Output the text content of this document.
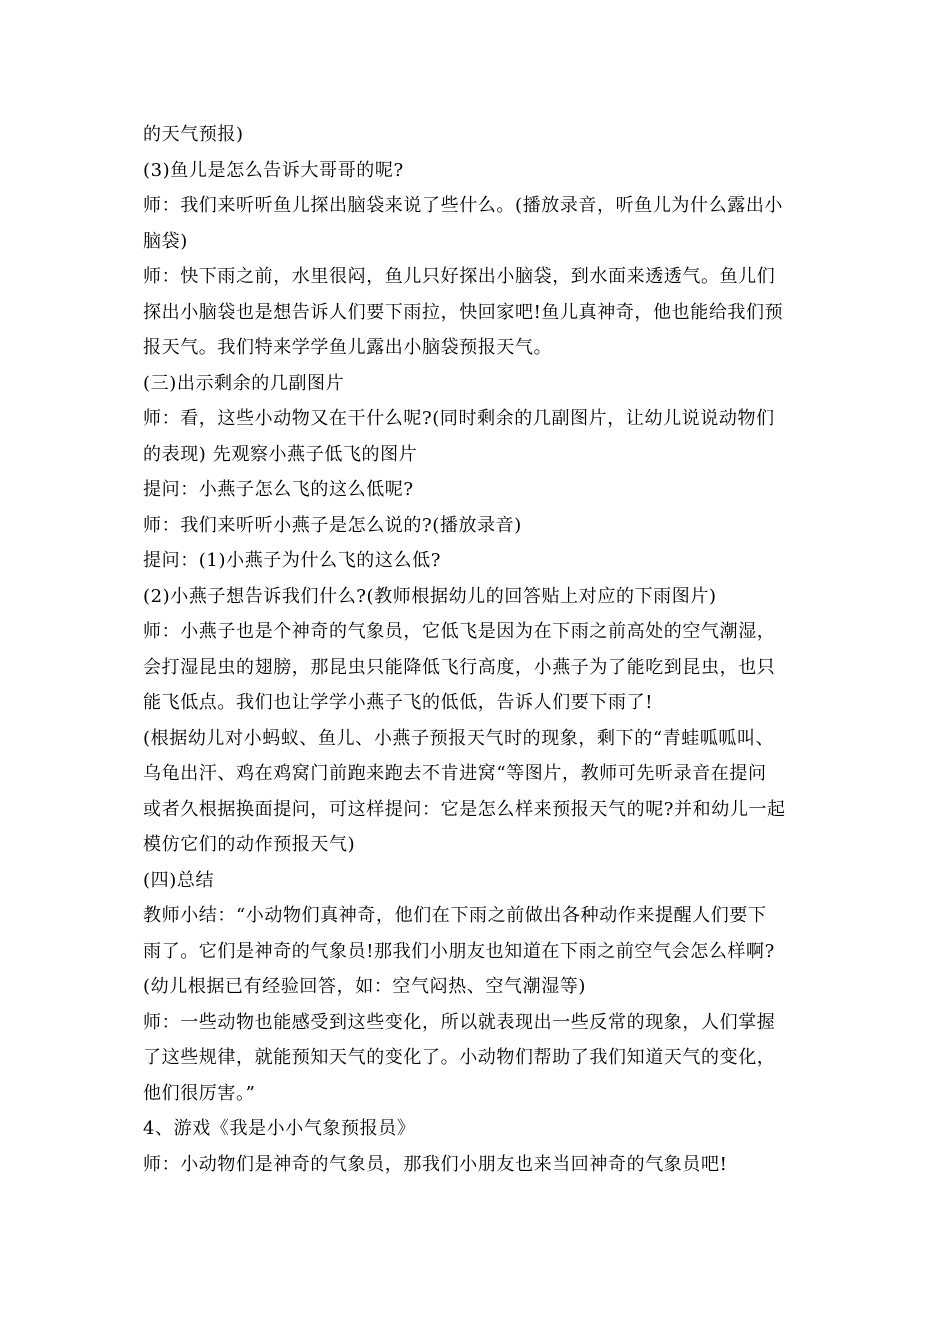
的天气预报)
(3)鱼儿是怎么告诉大哥哥的呢?
师：我们来听听鱼儿探出脑袋来说了些什么。(播放录音，听鱼儿为什么露出小
脑袋)
师：快下雨之前，水里很闷，鱼儿只好探出小脑袋，到水面来透透气。鱼儿们
探出小脑袋也是想告诉人们要下雨拉，快回家吧!鱼儿真神奇，他也能给我们预
报天气。我们特来学学鱼儿露出小脑袋预报天气。
(三)出示剩余的几副图片
师：看，这些小动物又在干什么呢?(同时剩余的几副图片，让幼儿说说动物们
的表现) 先观察小燕子低飞的图片
提问：小燕子怎么飞的这么低呢?
师：我们来听听小燕子是怎么说的?(播放录音)
提问：(1)小燕子为什么飞的这么低?
(2)小燕子想告诉我们什么?(教师根据幼儿的回答贴上对应的下雨图片)
师：小燕子也是个神奇的气象员，它低飞是因为在下雨之前高处的空气潮湿，
会打湿昆虫的翅膀，那昆虫只能降低飞行高度，小燕子为了能吃到昆虫，也只
能飞低点。我们也让学学小燕子飞的低低，告诉人们要下雨了!
(根据幼儿对小蚂蚁、鱼儿、小燕子预报天气时的现象，剩下的“青蛙呱呱叫、
乌龟出汗、鸡在鸡窝门前跑来跑去不肯进窝“等图片，教师可先听录音在提问
或者久根据换面提问，可这样提问：它是怎么样来预报天气的呢?并和幼儿一起
模仿它们的动作预报天气)
(四)总结
教师小结：“小动物们真神奇，他们在下雨之前做出各种动作来提醒人们要下
雨了。它们是神奇的气象员!那我们小朋友也知道在下雨之前空气会怎么样啊?
(幼儿根据已有经验回答，如：空气闷热、空气潮湿等)
师：一些动物也能感受到这些变化，所以就表现出一些反常的现象，人们掌握
了这些规律，就能预知天气的变化了。小动物们帮助了我们知道天气的变化，
他们很厉害。”
4、游戏《我是小小气象预报员》
师：小动物们是神奇的气象员，那我们小朋友也来当回神奇的气象员吧!
